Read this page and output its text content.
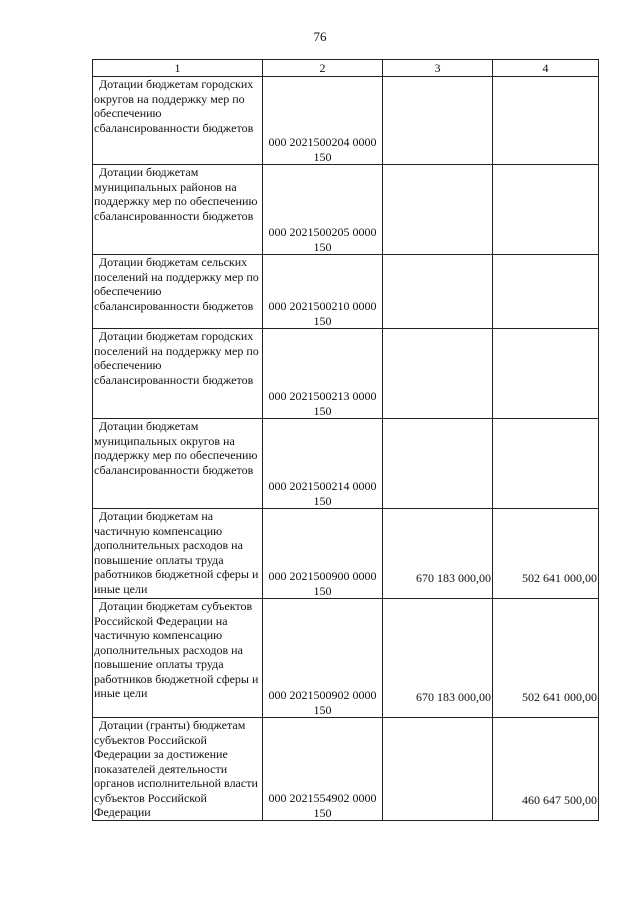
76
1	2	3	4

Дотации бюджетам городских округов на поддержку мер по обеспечению сбалансированности бюджетов	000 2021500204 0000 150		

Дотации бюджетам муниципальных районов на поддержку мер по обеспечению сбалансированности бюджетов	000 2021500205 0000 150		

Дотации бюджетам сельских поселений на поддержку мер по обеспечению сбалансированности бюджетов	000 2021500210 0000 150		

Дотации бюджетам городских поселений на поддержку мер по обеспечению сбалансированности бюджетов	000 2021500213 0000 150		

Дотации бюджетам муниципальных округов на поддержку мер по обеспечению сбалансированности бюджетов	000 2021500214 0000 150		

Дотации бюджетам на частичную компенсацию дополнительных расходов на повышение оплаты труда работников бюджетной сферы и иные цели	000 2021500900 0000 150	670 183 000,00	502 641 000,00

Дотации бюджетам субъектов Российской Федерации на частичную компенсацию дополнительных расходов на повышение оплаты труда работников бюджетной сферы и иные цели	000 2021500902 0000 150	670 183 000,00	502 641 000,00

Дотации (гранты) бюджетам субъектов Российской Федерации за достижение показателей деятельности органов исполнительной власти субъектов Российской Федерации	000 2021554902 0000 150		460 647 500,00
